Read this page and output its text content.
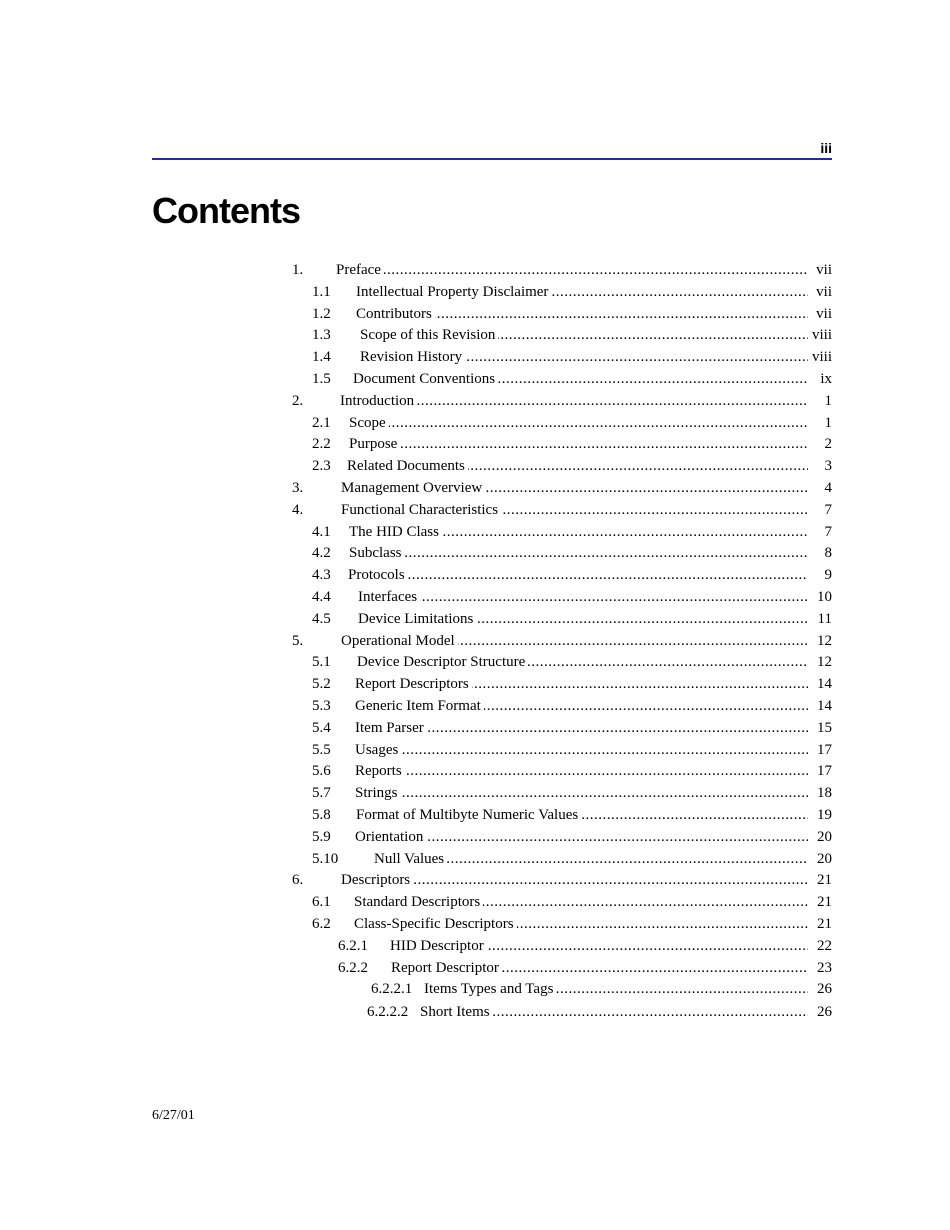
iii
Contents
1. Preface .....	vii
1.1 Intellectual Property Disclaimer .....	vii
1.2 Contributors .....	vii
1.3 Scope of this Revision .....	viii
1.4 Revision History .....	viii
1.5 Document Conventions .....	ix
2. Introduction .....	1
2.1 Scope .....	1
2.2 Purpose .....	2
2.3 Related Documents .....	3
3.	Management Overview .....	4
4.	Functional Characteristics .....	7
4.1 The HID Class .....	7
4.2 Subclass .....	8
4.3 Protocols .....	9
4.4 Interfaces .....	10
4.5 Device Limitations .....	11
5.	Operational Model .....	12
5.1 Device Descriptor Structure .....	12
5.2 Report Descriptors .....	14
5.3 Generic Item Format .....	14
5.4 Item Parser .....	15
5.5 Usages .....	17
5.6 Reports .....	17
5.7 Strings .....	18
5.8 Format of Multibyte Numeric Values .....	19
5.9 Orientation .....	20
5.10 Null Values .....	20
6.	Descriptors .....	21
6.1 Standard Descriptors .....	21
6.2 Class-Specific Descriptors .....	21
6.2.1 HID Descriptor .....	22
6.2.2 Report Descriptor .....	23
6.2.2.1 Items Types and Tags .....	26
6.2.2.2 Short Items .....	26
6/27/01
